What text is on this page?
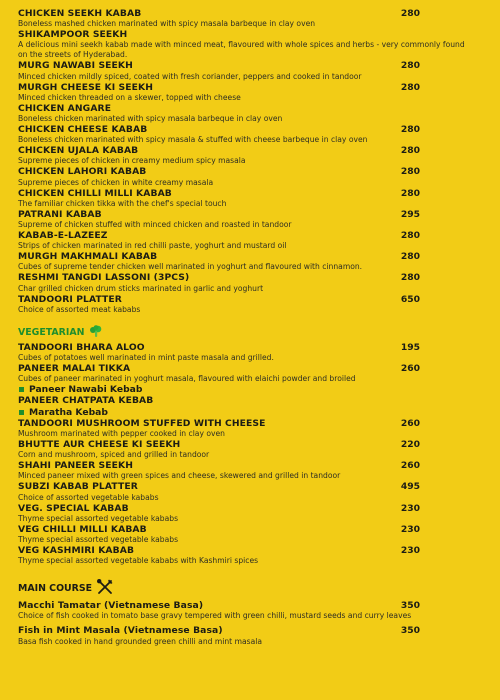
CHICKEN SEEKH KABAB	280
Boneless mashed chicken marinated with spicy masala barbeque in clay oven
SHIKAMPOOR SEEKH
A delicious mini seekh kabab made with minced meat, flavoured with whole spices and herbs - very commonly found on the streets of Hyderabad.
MURG NAWABI SEEKH	280
Minced chicken mildly spiced, coated with fresh coriander, peppers and cooked in tandoor
MURGH CHEESE KI SEEKH	280
Minced chicken threaded on a skewer, topped with cheese
CHICKEN ANGARE
Boneless chicken marinated with spicy masala barbeque in clay oven
CHICKEN CHEESE KABAB	280
Boneless chicken marinated with spicy masala & stuffed with cheese barbeque in clay oven
CHICKEN UJALA KABAB	280
Supreme pieces of chicken in creamy medium spicy masala
CHICKEN LAHORI KABAB	280
Supreme pieces of chicken in white creamy masala
CHICKEN CHILLI MILLI KABAB	280
The familiar chicken tikka with the chef's special touch
PATRANI KABAB	295
Supreme of chicken stuffed with minced chicken and roasted in tandoor
KABAB-E-LAZEEZ	280
Strips of chicken marinated in red chilli paste, yoghurt and mustard oil
MURGH MAKHMALI KABAB	280
Cubes of supreme tender chicken well marinated in yoghurt and flavoured with cinnamon.
RESHMI TANGDI LASSONI (3PCS)	280
Char grilled chicken drum sticks marinated in garlic and yoghurt
TANDOORI PLATTER	650
Choice of assorted meat kababs
VEGETARIAN
TANDOORI BHARA ALOO	195
Cubes of potatoes well marinated in mint paste masala and grilled.
PANEER MALAI TIKKA	260
Cubes of paneer marinated in yoghurt masala, flavoured with elaichi powder and broiled
Paneer Nawabi Kebab
PANEER CHATPATA KEBAB
Maratha Kebab
TANDOORI MUSHROOM STUFFED WITH CHEESE	260
Mushroom marinated with pepper cooked in clay oven
BHUTTE AUR CHEESE KI SEEKH	220
Corn and mushroom, spiced and grilled in tandoor
SHAHI PANEER SEEKH	260
Minced paneer mixed with green spices and cheese, skewered and grilled in tandoor
SUBZI KABAB PLATTER	495
Choice of assorted vegetable kababs
VEG. SPECIAL KABAB	230
Thyme special assorted vegetable kababs
VEG CHILLI MILLI KABAB	230
Thyme special assorted vegetable kababs
VEG KASHMIRI KABAB	230
Thyme special assorted vegetable kababs with Kashmiri spices
MAIN COURSE
Macchi Tamatar (Vietnamese Basa)	350
Choice of fish cooked in tomato base gravy tempered with green chilli, mustard seeds and curry leaves
Fish in Mint Masala (Vietnamese Basa)	350
Basa fish cooked in hand grounded green chilli and mint masala
